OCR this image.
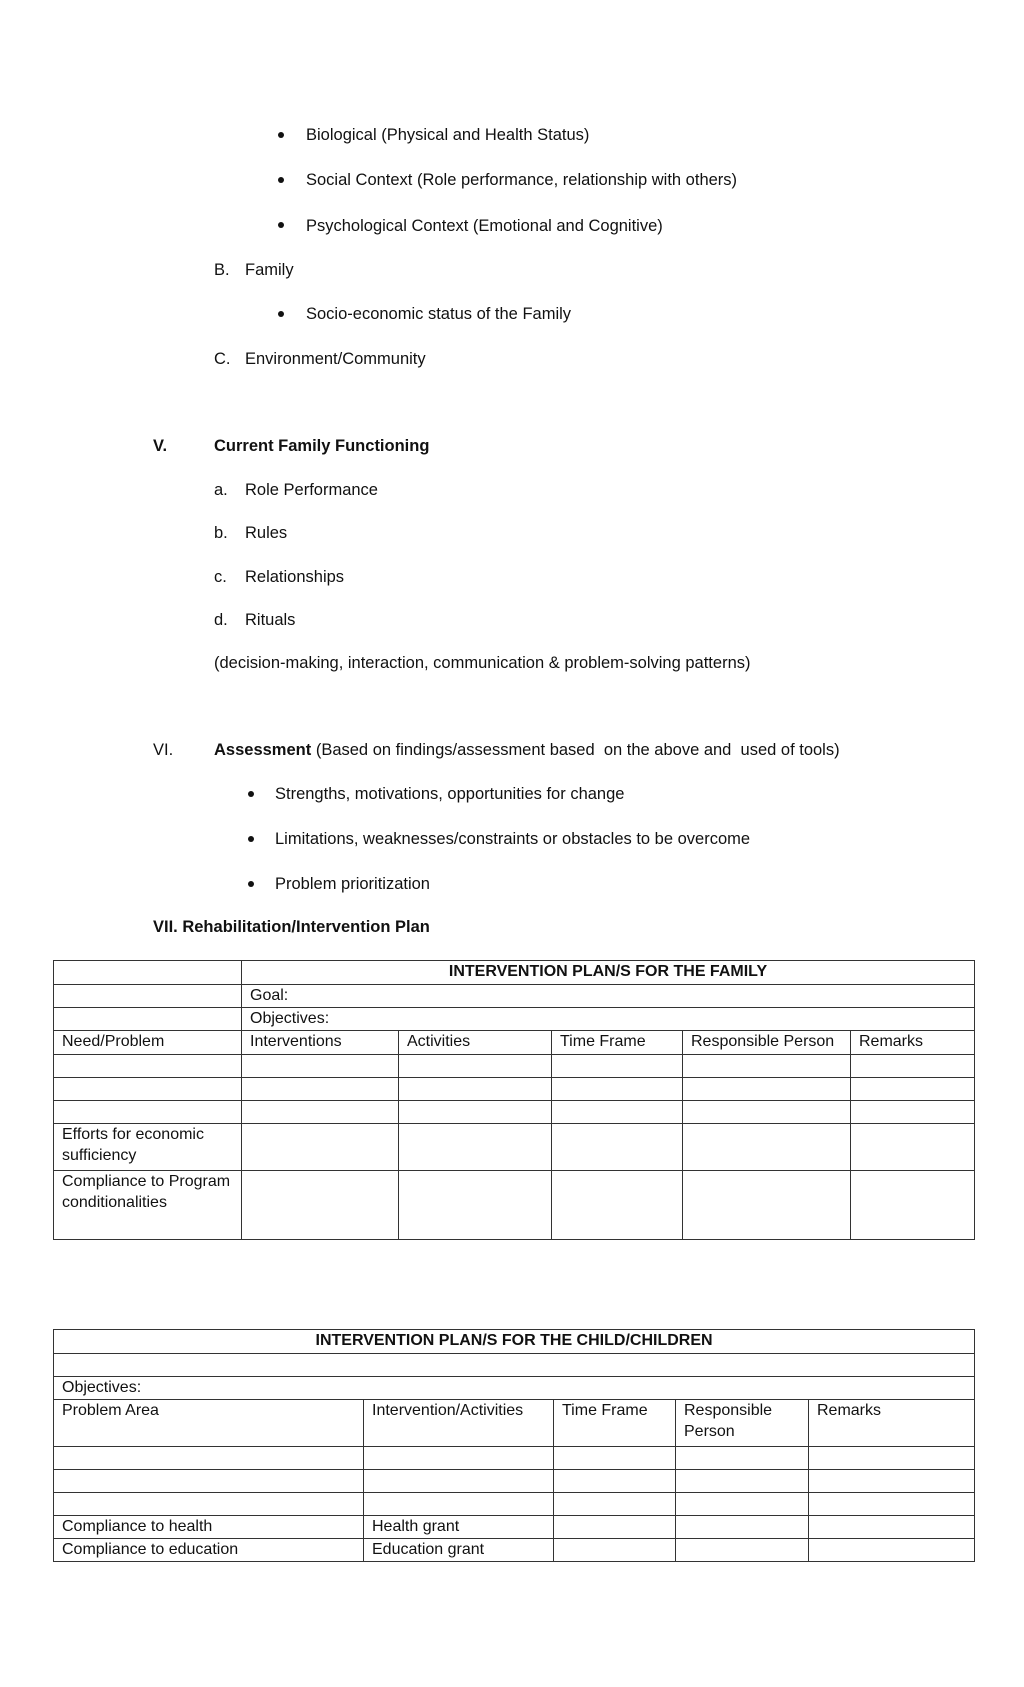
Biological (Physical and Health Status)
Social Context (Role performance, relationship with others)
Psychological Context (Emotional and Cognitive)
B. Family
Socio-economic status of the Family
C. Environment/Community
V.	Current Family Functioning
a. Role Performance
b. Rules
c. Relationships
d. Rituals
(decision-making, interaction, communication & problem-solving patterns)
VI. Assessment (Based on findings/assessment based  on the above and  used of tools)
Strengths, motivations, opportunities for change
Limitations, weaknesses/constraints or obstacles to be overcome
Problem prioritization
VII. Rehabilitation/Intervention Plan
	INTERVENTION PLAN/S FOR THE FAMILY				
	Goal:				
	Objectives:				
Need/Problem	Interventions	Activities	Time Frame	Responsible Person	Remarks

Efforts for economic sufficiency					
Compliance to Program conditionalities					
INTERVENTION PLAN/S FOR THE CHILD/CHILDREN				

Objectives:				
Problem Area	Intervention/Activities	Time Frame	Responsible Person	Remarks

Compliance to health	Health grant			
Compliance to education	Education grant			
